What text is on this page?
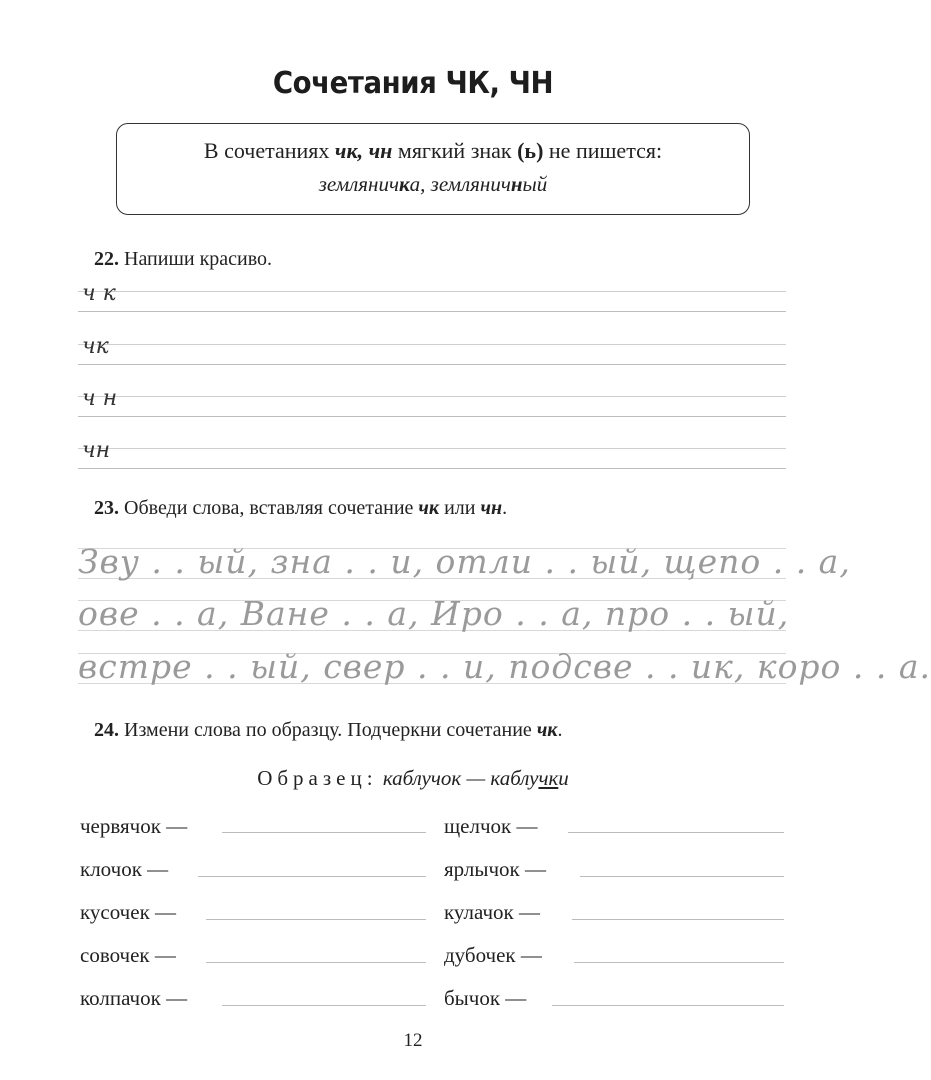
Сочетания ЧК, ЧН
В сочетаниях чк, чн мягкий знак (ь) не пишется:
земляничка, земляничный
22. Напиши красиво.
ч к
чк
ч н
чн
23. Обведи слова, вставляя сочетание чк или чн.
Зву . . ый, зна . . и, отли . . ый, щепо . . а,
ове . . а, Ване . . а, Иро . . а, про . . ый,
встре . . ый, свер . . и, подсве . . ик, коро . . а.
24. Измени слова по образцу. Подчеркни сочетание чк.
Образец: каблучок — каблучки
червячок —
клочок —
кусочек —
совочек —
колпачок —
щелчок —
ярлычок —
кулачок —
дубочек —
бычок —
12
